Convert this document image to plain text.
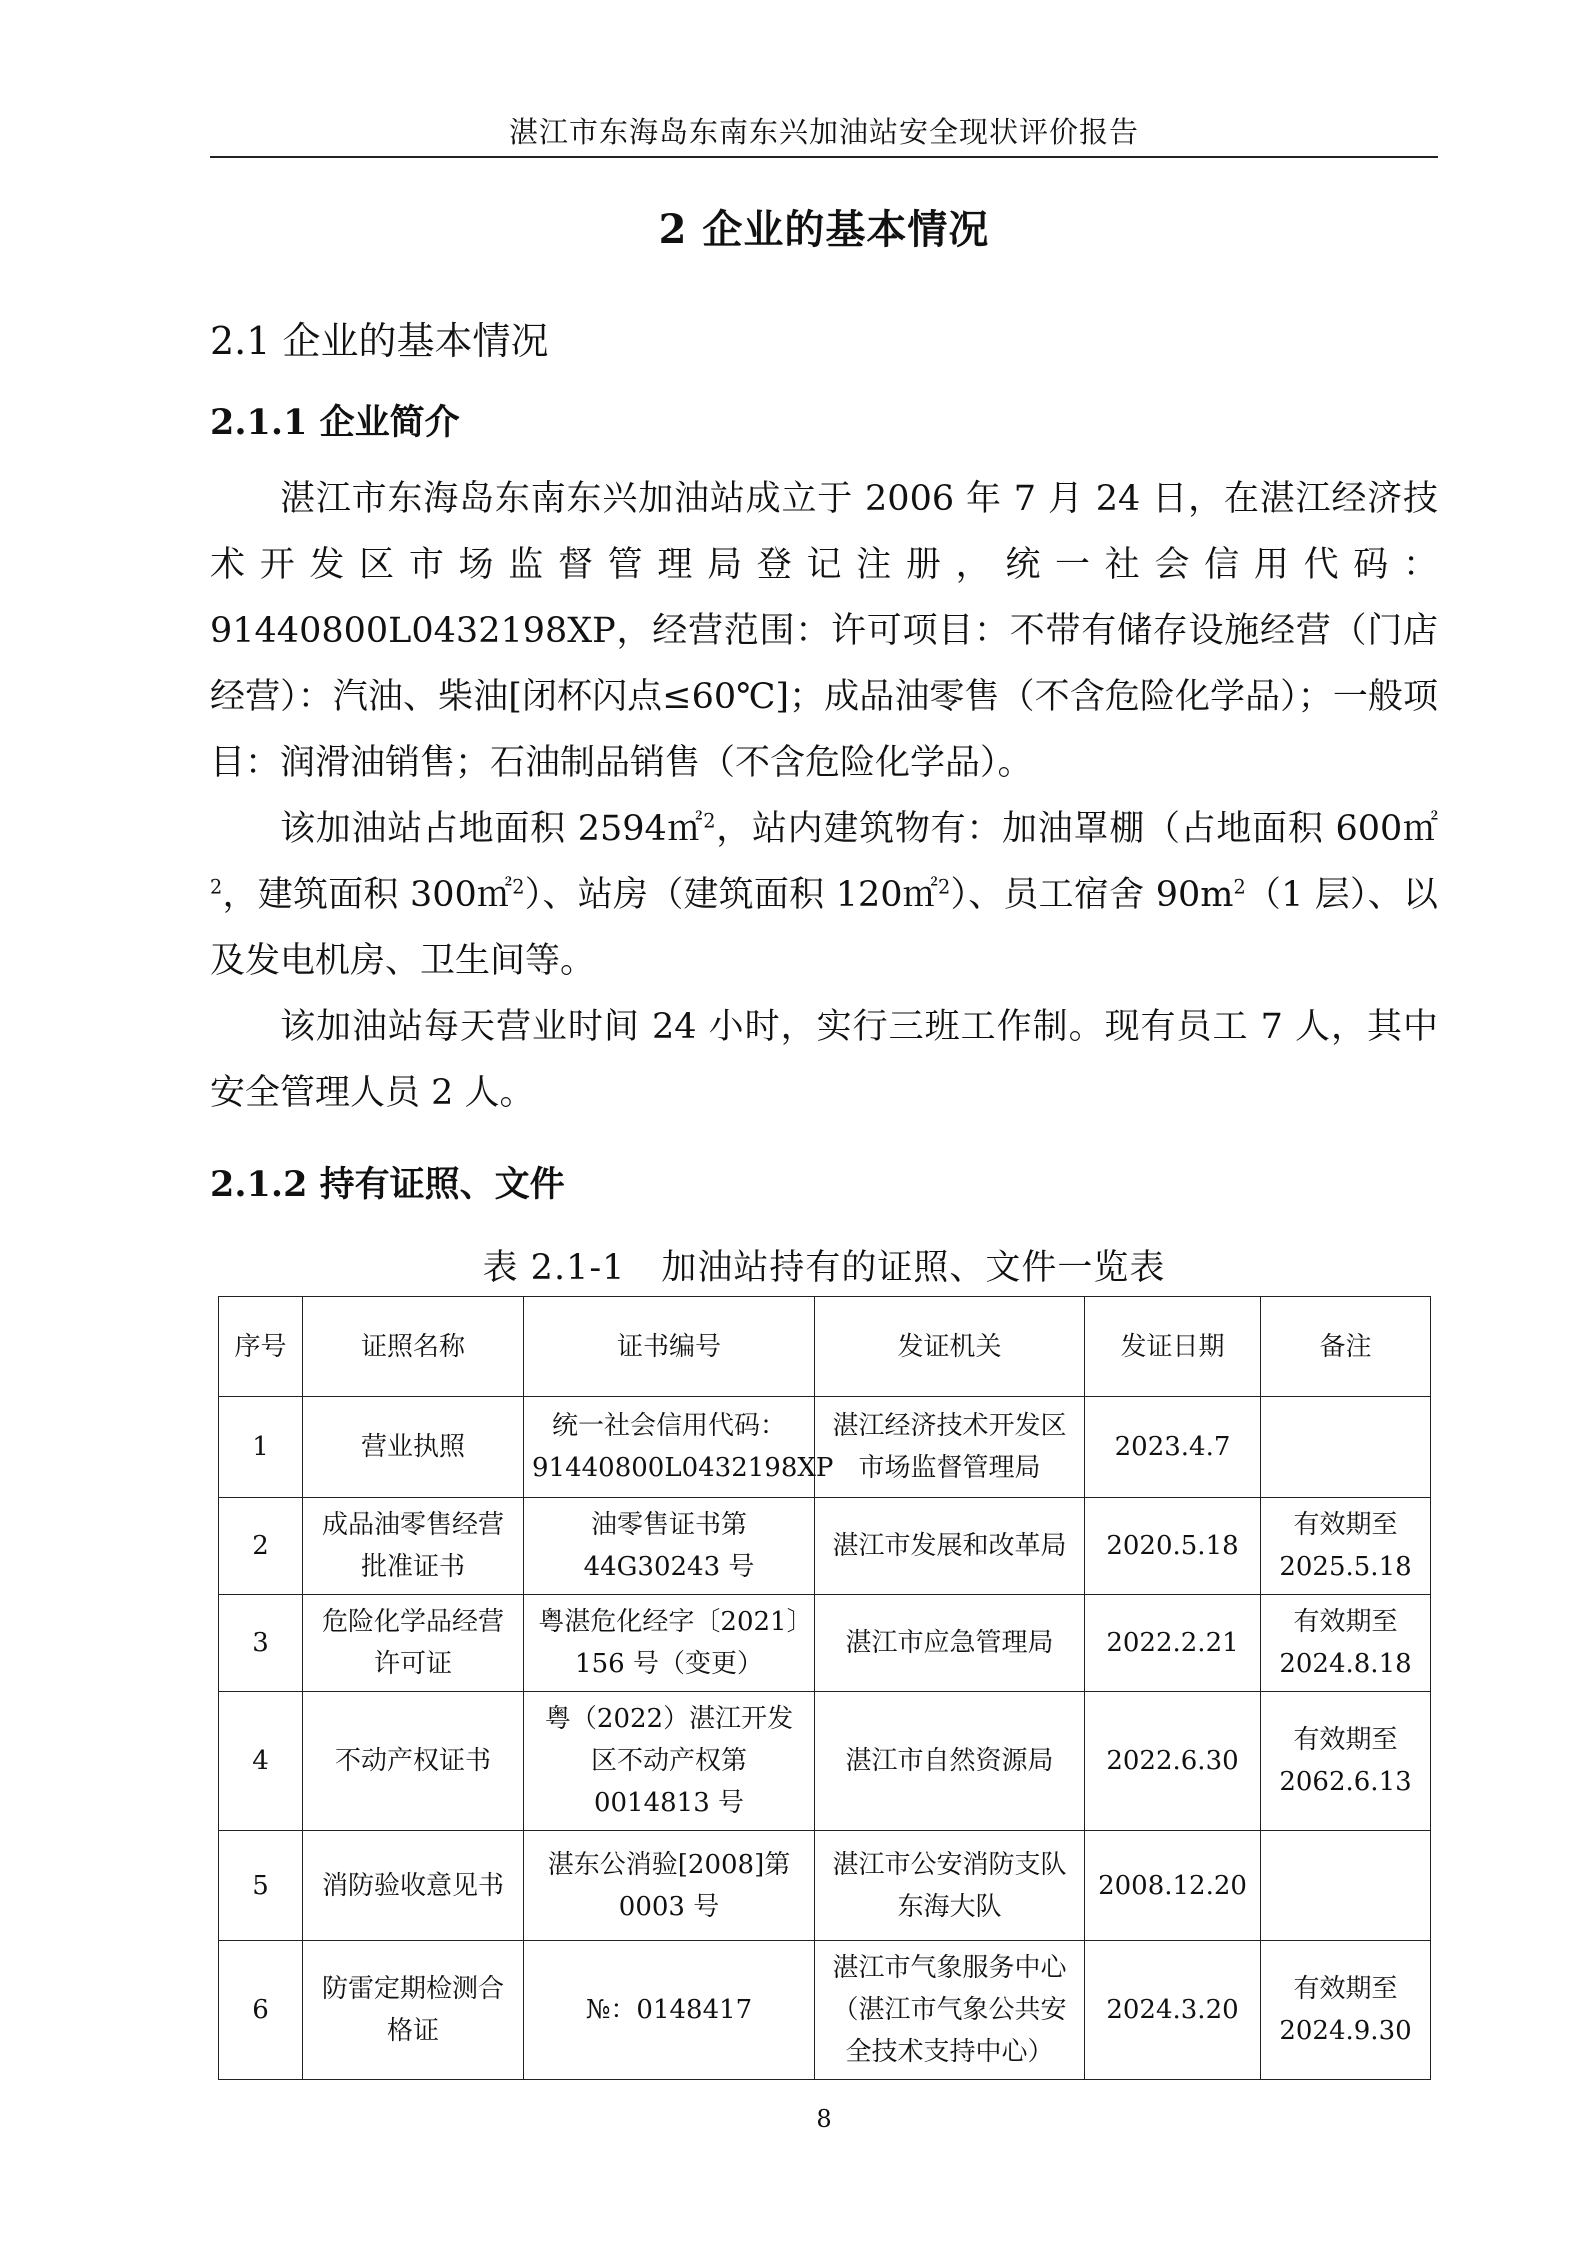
湛江市东海岛东南东兴加油站安全现状评价报告
2 企业的基本情况
2.1 企业的基本情况
2.1.1 企业简介

湛江市东海岛东南东兴加油站成立于 2006 年 7 月 24 日，在湛江经济技术开发区市场监督管理局登记注册，统一社会信用代码：91440800L0432198XP，经营范围：许可项目：不带有储存设施经营（门店经营）：汽油、柴油[闭杯闪点≤60℃]；成品油零售（不含危险化学品）；一般项目：润滑油销售；石油制品销售（不含危险化学品）。

该加油站占地面积 2594㎡$^2$，站内建筑物有：加油罩棚（占地面积 600㎡$^2$，建筑面积 300㎡$^2$）、站房（建筑面积 120㎡$^2$）、员工宿舍 $90m^2(1$ 层）、以及发电机房、卫生间等。

该加油站每天营业时间 24 小时，实行三班工作制。现有员工 7 人，其中安全管理人员 2 人。

2.1.2 持有证照、文件
表 2.1-1　加油站持有的证照、文件一览表
序号	证照名称	证书编号	发证机关	发证日期	备注
1	营业执照	统一社会信用代码：91440800L0432198XP	湛江经济技术开发区市场监督管理局	2023.4.7	
2	成品油零售经营批准证书	油零售证书第 44G30243 号	湛江市发展和改革局	2020.5.18	有效期至 2025.5.18
3	危险化学品经营许可证	粤湛危化经字〔2021〕156 号（变更）	湛江市应急管理局	2022.2.21	有效期至 2024.8.18
4	不动产权证书	粤（2022）湛江开发区不动产权第 0014813 号	湛江市自然资源局	2022.6.30	有效期至 2062.6.13
5	消防验收意见书	湛东公消验[2008]第 0003 号	湛江市公安消防支队东海大队	2008.12.20	
6	防雷定期检测合格证	№：0148417	湛江市气象服务中心（湛江市气象公共安全技术支持中心）	2024.3.20	有效期至 2024.9.30
8
